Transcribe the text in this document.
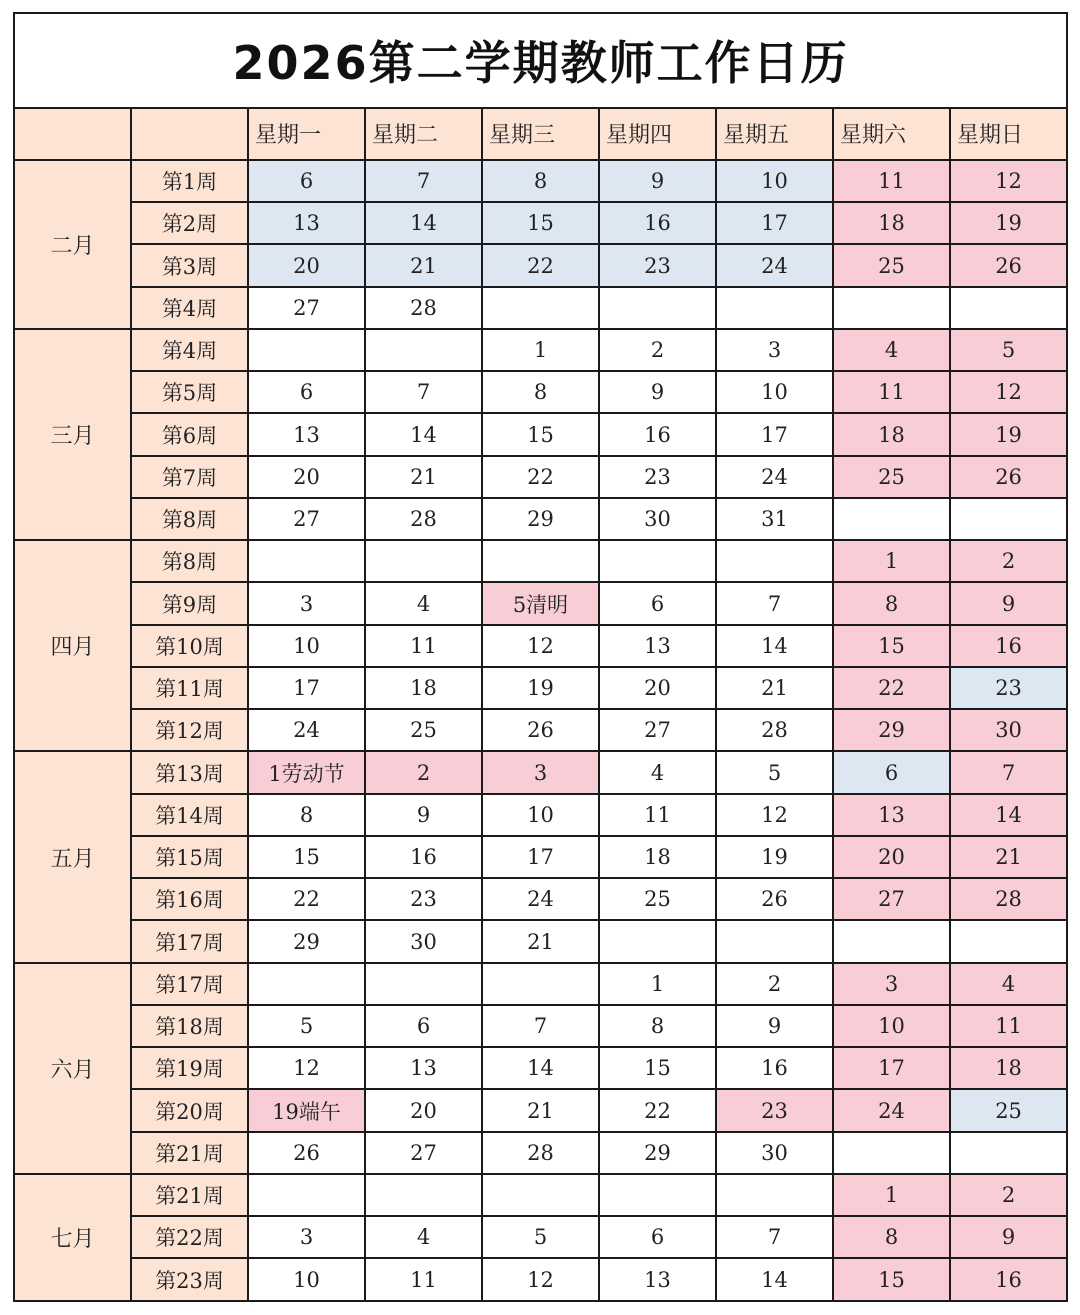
2026第二学期教师工作日历								
		星期一	星期二	星期三	星期四	星期五	星期六	星期日
二月	第1周	6	7	8	9	10	11	12
	第2周	13	14	15	16	17	18	19
	第3周	20	21	22	23	24	25	26
	第4周	27	28					
三月	第4周			1	2	3	4	5
	第5周	6	7	8	9	10	11	12
	第6周	13	14	15	16	17	18	19
	第7周	20	21	22	23	24	25	26
	第8周	27	28	29	30	31		
四月	第8周						1	2
	第9周	3	4	5清明	6	7	8	9
	第10周	10	11	12	13	14	15	16
	第11周	17	18	19	20	21	22	23
	第12周	24	25	26	27	28	29	30
五月	第13周	1劳动节	2	3	4	5	6	7
	第14周	8	9	10	11	12	13	14
	第15周	15	16	17	18	19	20	21
	第16周	22	23	24	25	26	27	28
	第17周	29	30	21				
六月	第17周				1	2	3	4
	第18周	5	6	7	8	9	10	11
	第19周	12	13	14	15	16	17	18
	第20周	19端午	20	21	22	23	24	25
	第21周	26	27	28	29	30		
七月	第21周						1	2
	第22周	3	4	5	6	7	8	9
	第23周	10	11	12	13	14	15	16
